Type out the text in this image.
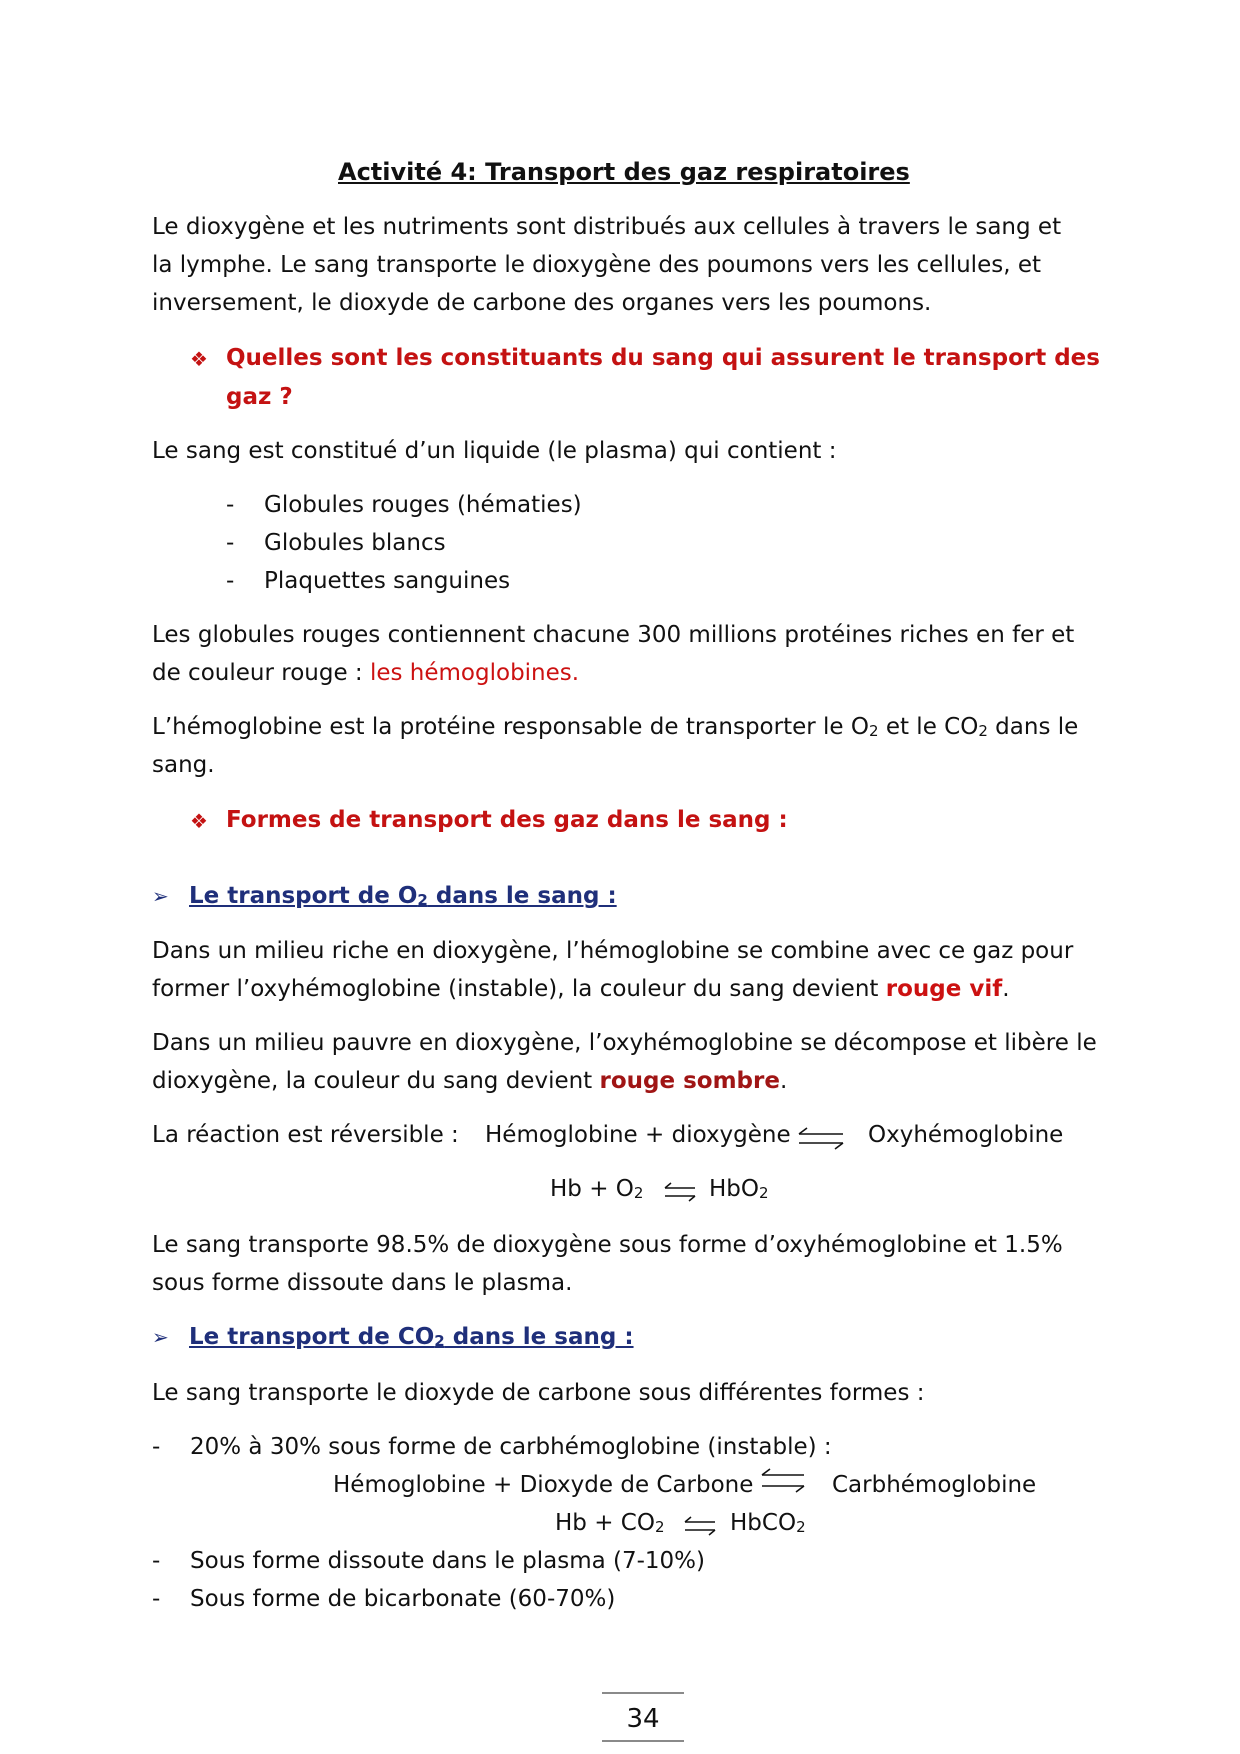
Activité 4: Transport des gaz respiratoires
Le dioxygène et les nutriments sont distribués aux cellules à travers le sang et
la lymphe. Le sang transporte le dioxygène des poumons vers les cellules, et
inversement, le dioxyde de carbone des organes vers les poumons.
❖ Quelles sont les constituants du sang qui assurent le transport des
gaz ?
Le sang est constitué d’un liquide (le plasma) qui contient :
- Globules rouges (hématies)
- Globules blancs
- Plaquettes sanguines
Les globules rouges contiennent chacune 300 millions protéines riches en fer et
de couleur rouge : les hémoglobines.
L’hémoglobine est la protéine responsable de transporter le $O_2$ et le $CO_2$ dans le
sang.
❖ Formes de transport des gaz dans le sang :
➢ Le transport de $O_2$ dans le sang :
Dans un milieu riche en dioxygène, l’hémoglobine se combine avec ce gaz pour
former l’oxyhémoglobine (instable), la couleur du sang devient rouge vif.
Dans un milieu pauvre en dioxygène, l’oxyhémoglobine se décompose et libère le
dioxygène, la couleur du sang devient rouge sombre.
La réaction est réversible : Hémoglobine + dioxygène ⇌ Oxyhémoglobine
$Hb + O_2$ ⇌ HbO$_2$
Le sang transporte 98.5% de dioxygène sous forme d’oxyhémoglobine et 1.5%
sous forme dissoute dans le plasma.
➢ Le transport de $CO_2$ dans le sang :
Le sang transporte le dioxyde de carbone sous différentes formes :
- 20% à 30% sous forme de carbhémoglobine (instable) :
Hémoglobine + Dioxyde de Carbone ⇌ Carbhémoglobine
$Hb + CO_2$ ⇌ HbCO$_2$
- Sous forme dissoute dans le plasma (7-10%)
- Sous forme de bicarbonate (60-70%)
34
